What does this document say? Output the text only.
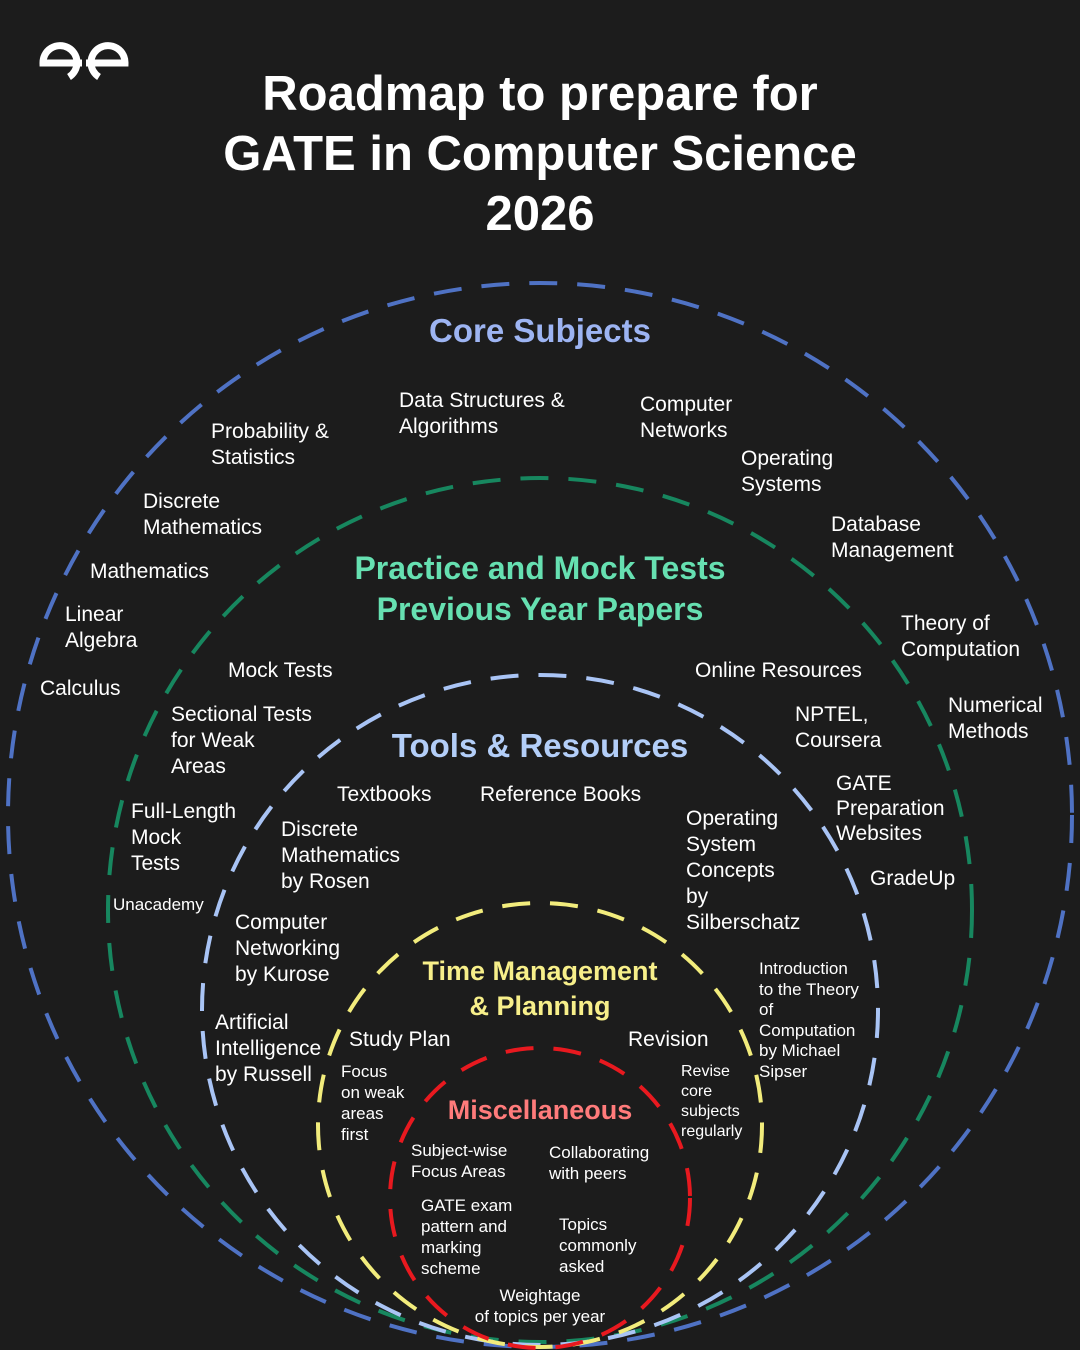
Roadmap to prepare for
GATE in Computer Science
2026
Core Subjects
Data Structures &
Algorithms
Computer
Networks
Probability &
Statistics	Operating
Systems
Discrete
Mathematics	Database
Management
Mathematics
Linear
Algebra
Theory of
Computation
Calculus
Numerical
Methods
Practice and Mock Tests
Previous Year Papers
Mock Tests	Online Resources
Sectional Tests
for Weak
Areas
NPTEL,
Coursera
Full-Length
Mock
Tests
GATE
Preparation
Websites
Unacademy
GradeUp
Tools & Resources
Textbooks Reference Books
Discrete
Mathematics
by Rosen
Operating
System
Concepts
by
Silberschatz
Computer
Networking
by Kurose
Artificial
Intelligence
by Russell
Introduction
to the Theory
of
Computation
by Michael
Sipser
Time Management
& Planning
Study Plan	Revision
Focus
on weak
areas
first
Revise
core
subjects
regularly
Miscellaneous
Subject-wise
Focus Areas
Collaborating
with peers
GATE exam
pattern and
marking
scheme
Topics
commonly
asked
Weightage
of topics per year
